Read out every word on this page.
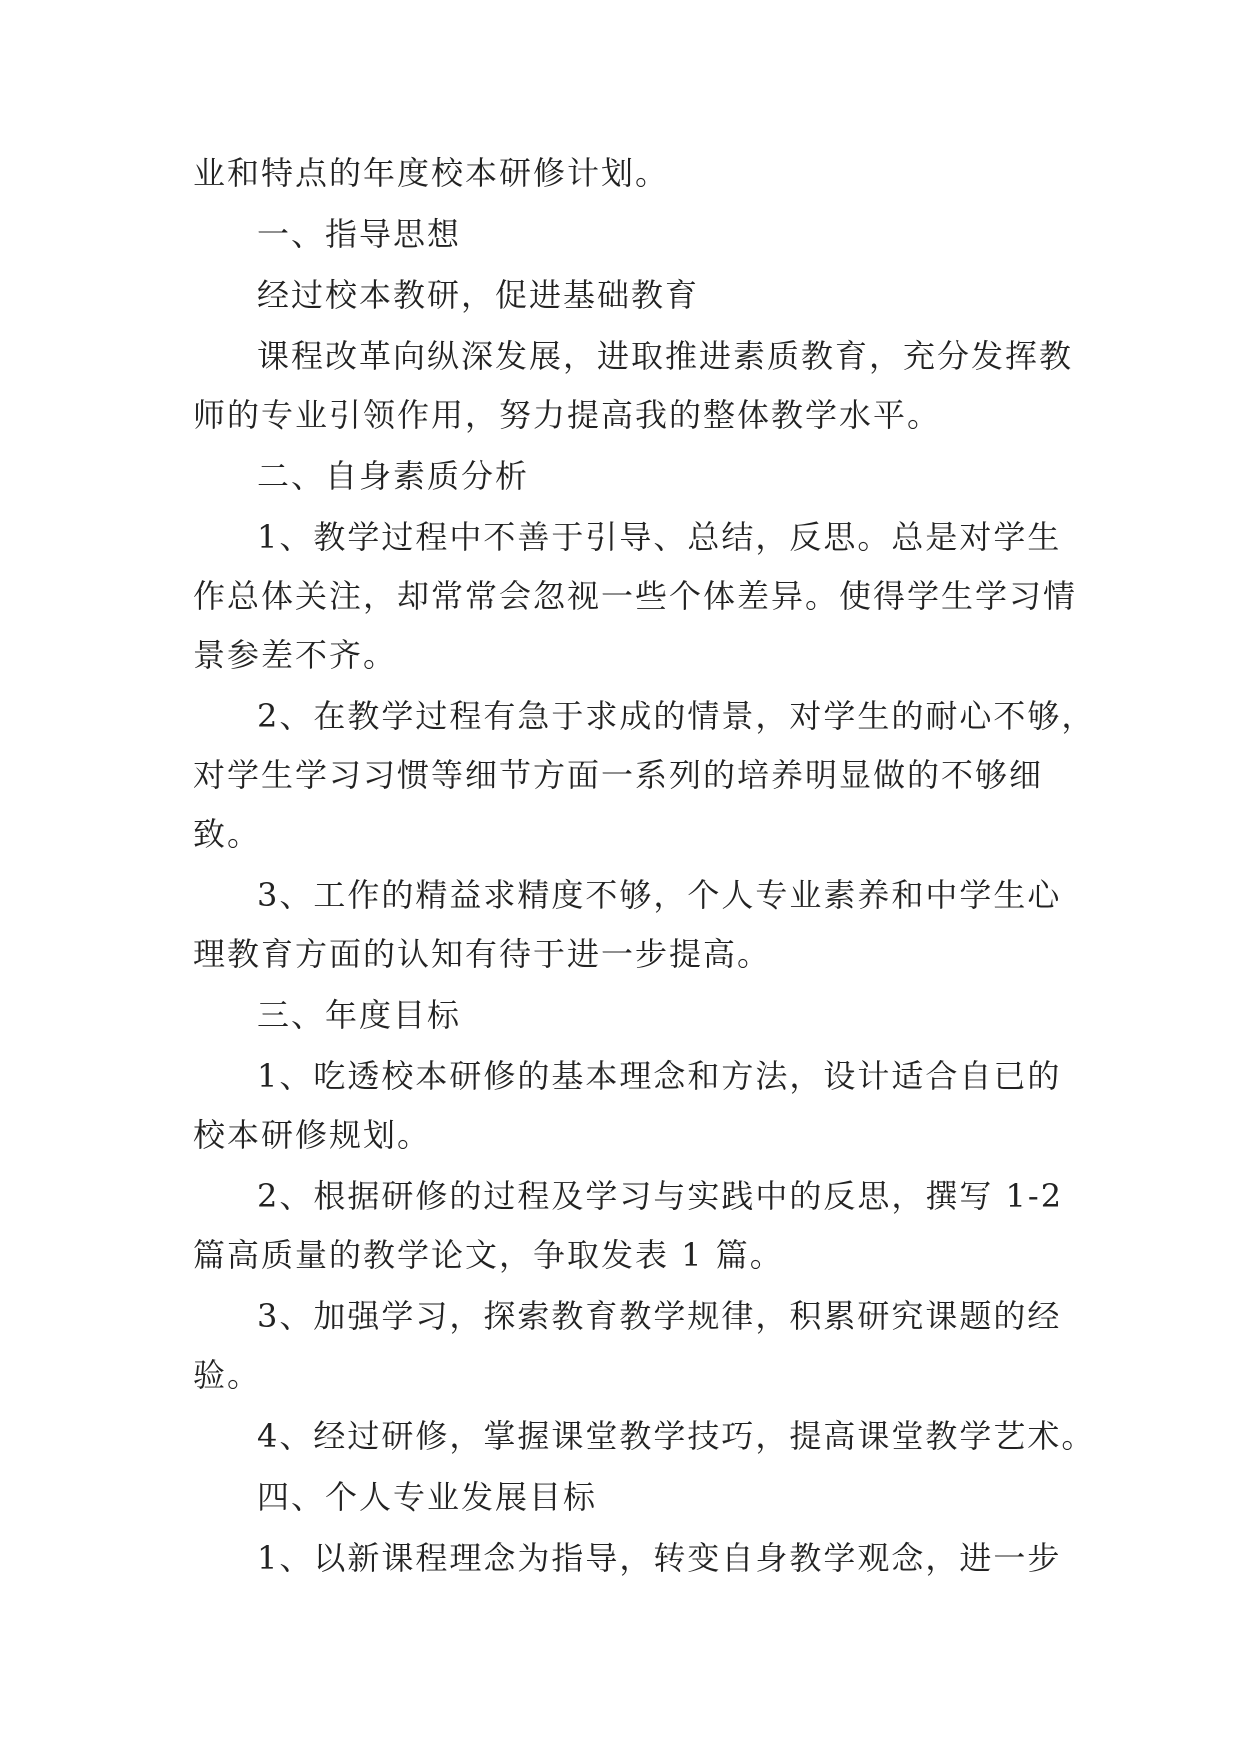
业和特点的年度校本研修计划。
一、指导思想
经过校本教研，促进基础教育
课程改革向纵深发展，进取推进素质教育，充分发挥教
师的专业引领作用，努力提高我的整体教学水平。
二、自身素质分析
1、教学过程中不善于引导、总结，反思。总是对学生
作总体关注，却常常会忽视一些个体差异。使得学生学习情
景参差不齐。
2、在教学过程有急于求成的情景，对学生的耐心不够，
对学生学习习惯等细节方面一系列的培养明显做的不够细
致。
3、工作的精益求精度不够，个人专业素养和中学生心
理教育方面的认知有待于进一步提高。
三、年度目标
1、吃透校本研修的基本理念和方法，设计适合自已的
校本研修规划。
2、根据研修的过程及学习与实践中的反思，撰写 1-2
篇高质量的教学论文，争取发表 1 篇。
3、加强学习，探索教育教学规律，积累研究课题的经
验。
4、经过研修，掌握课堂教学技巧，提高课堂教学艺术。
四、个人专业发展目标
1、以新课程理念为指导，转变自身教学观念，进一步
